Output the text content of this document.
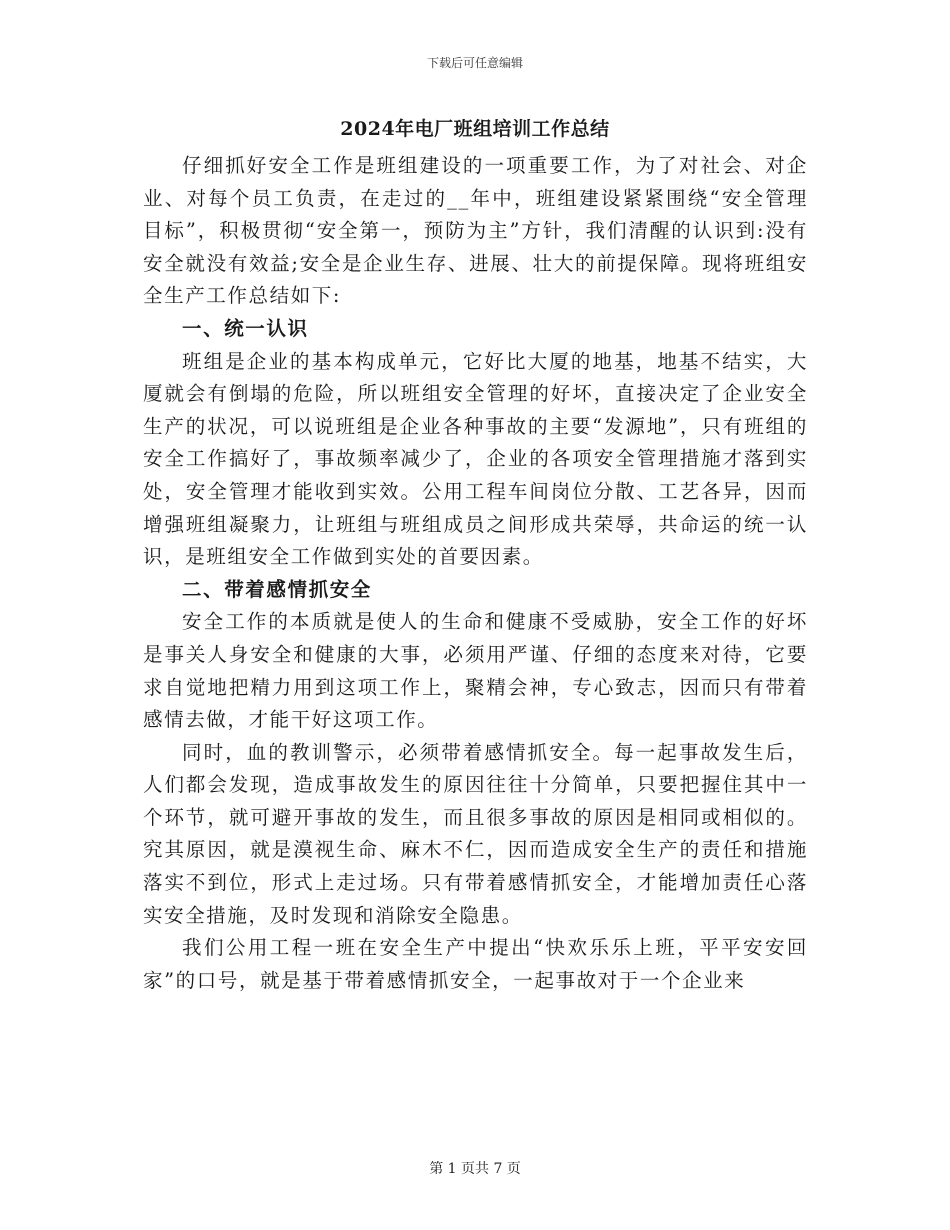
下载后可任意编辑
2024年电厂班组培训工作总结

仔细抓好安全工作是班组建设的一项重要工作，为了对社会、对企业、对每个员工负责，在走过的__年中，班组建设紧紧围绕“安全管理目标”，积极贯彻“安全第一，预防为主”方针，我们清醒的认识到:没有安全就没有效益;安全是企业生存、进展、壮大的前提保障。现将班组安全生产工作总结如下:

一、统一认识

班组是企业的基本构成单元，它好比大厦的地基，地基不结实，大厦就会有倒塌的危险，所以班组安全管理的好坏，直接决定了企业安全生产的状况，可以说班组是企业各种事故的主要“发源地”，只有班组的安全工作搞好了，事故频率减少了，企业的各项安全管理措施才落到实处，安全管理才能收到实效。公用工程车间岗位分散、工艺各异，因而增强班组凝聚力，让班组与班组成员之间形成共荣辱，共命运的统一认识，是班组安全工作做到实处的首要因素。

二、带着感情抓安全

安全工作的本质就是使人的生命和健康不受威胁，安全工作的好坏是事关人身安全和健康的大事，必须用严谨、仔细的态度来对待，它要求自觉地把精力用到这项工作上，聚精会神，专心致志，因而只有带着感情去做，才能干好这项工作。

同时，血的教训警示，必须带着感情抓安全。每一起事故发生后，人们都会发现，造成事故发生的原因往往十分简单，只要把握住其中一个环节，就可避开事故的发生，而且很多事故的原因是相同或相似的。究其原因，就是漠视生命、麻木不仁，因而造成安全生产的责任和措施落实不到位，形式上走过场。只有带着感情抓安全，才能增加责任心落实安全措施，及时发现和消除安全隐患。

我们公用工程一班在安全生产中提出“快欢乐乐上班，平平安安回家”的口号，就是基于带着感情抓安全，一起事故对于一个企业来

第 1 页共 7 页
